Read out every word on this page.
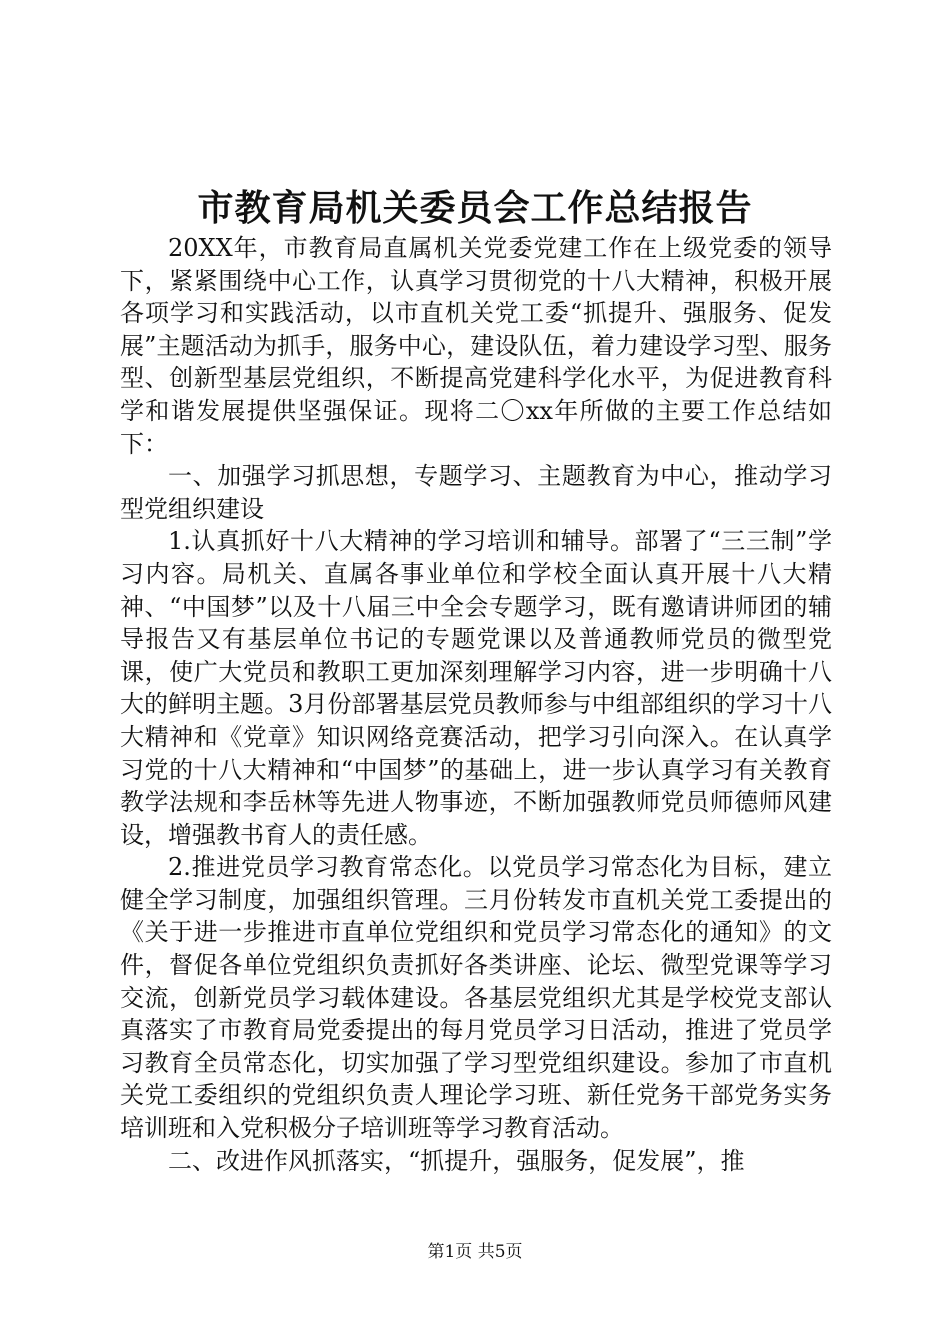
市教育局机关委员会工作总结报告

20XX年，市教育局直属机关党委党建工作在上级党委的领导下，紧紧围绕中心工作，认真学习贯彻党的十八大精神，积极开展各项学习和实践活动，以市直机关党工委“抓提升、强服务、促发展”主题活动为抓手，服务中心，建设队伍，着力建设学习型、服务型、创新型基层党组织，不断提高党建科学化水平，为促进教育科学和谐发展提供坚强保证。现将二〇xx年所做的主要工作总结如下：

一、加强学习抓思想，专题学习、主题教育为中心，推动学习型党组织建设

1.认真抓好十八大精神的学习培训和辅导。部署了“三三制”学习内容。局机关、直属各事业单位和学校全面认真开展十八大精神、“中国梦”以及十八届三中全会专题学习，既有邀请讲师团的辅导报告又有基层单位书记的专题党课以及普通教师党员的微型党课，使广大党员和教职工更加深刻理解学习内容，进一步明确十八大的鲜明主题。3月份部署基层党员教师参与中组部组织的学习十八大精神和《党章》知识网络竞赛活动，把学习引向深入。在认真学习党的十八大精神和“中国梦”的基础上，进一步认真学习有关教育教学法规和李岳林等先进人物事迹，不断加强教师党员师德师风建设，增强教书育人的责任感。

2.推进党员学习教育常态化。以党员学习常态化为目标，建立健全学习制度，加强组织管理。三月份转发市直机关党工委提出的《关于进一步推进市直单位党组织和党员学习常态化的通知》的文件，督促各单位党组织负责抓好各类讲座、论坛、微型党课等学习交流，创新党员学习载体建设。各基层党组织尤其是学校党支部认真落实了市教育局党委提出的每月党员学习日活动，推进了党员学习教育全员常态化，切实加强了学习型党组织建设。参加了市直机关党工委组织的党组织负责人理论学习班、新任党务干部党务实务培训班和入党积极分子培训班等学习教育活动。

二、改进作风抓落实，“抓提升，强服务，促发展”，推

第1页 共5页
